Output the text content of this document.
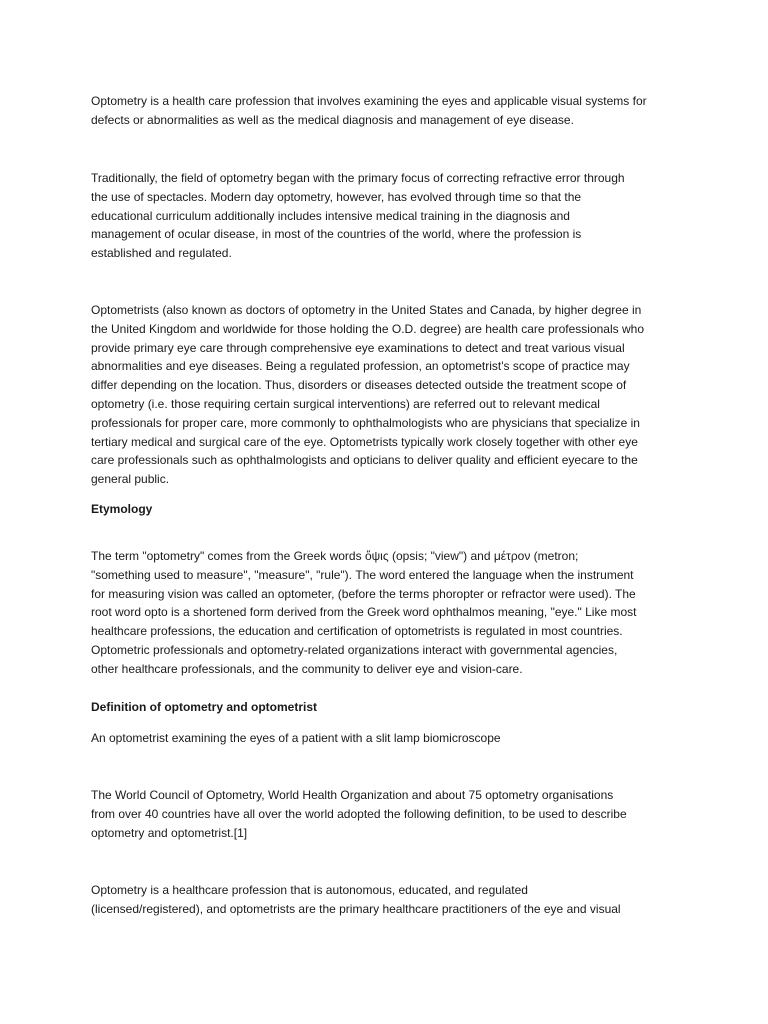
Optometry is a health care profession that involves examining the eyes and applicable visual systems for
defects or abnormalities as well as the medical diagnosis and management of eye disease.

Traditionally, the field of optometry began with the primary focus of correcting refractive error through
the use of spectacles. Modern day optometry, however, has evolved through time so that the
educational curriculum additionally includes intensive medical training in the diagnosis and
management of ocular disease, in most of the countries of the world, where the profession is
established and regulated.

Optometrists (also known as doctors of optometry in the United States and Canada, by higher degree in
the United Kingdom and worldwide for those holding the O.D. degree) are health care professionals who
provide primary eye care through comprehensive eye examinations to detect and treat various visual
abnormalities and eye diseases. Being a regulated profession, an optometrist's scope of practice may
differ depending on the location. Thus, disorders or diseases detected outside the treatment scope of
optometry (i.e. those requiring certain surgical interventions) are referred out to relevant medical
professionals for proper care, more commonly to ophthalmologists who are physicians that specialize in
tertiary medical and surgical care of the eye. Optometrists typically work closely together with other eye
care professionals such as ophthalmologists and opticians to deliver quality and efficient eyecare to the
general public.

Etymology

The term "optometry" comes from the Greek words ὄψις (opsis; "view") and μέτρον (metron;
"something used to measure", "measure", "rule"). The word entered the language when the instrument
for measuring vision was called an optometer, (before the terms phoropter or refractor were used). The
root word opto is a shortened form derived from the Greek word ophthalmos meaning, "eye." Like most
healthcare professions, the education and certification of optometrists is regulated in most countries.
Optometric professionals and optometry-related organizations interact with governmental agencies,
other healthcare professionals, and the community to deliver eye and vision-care.

Definition of optometry and optometrist

An optometrist examining the eyes of a patient with a slit lamp biomicroscope

The World Council of Optometry, World Health Organization and about 75 optometry organisations
from over 40 countries have all over the world adopted the following definition, to be used to describe
optometry and optometrist.[1]

Optometry is a healthcare profession that is autonomous, educated, and regulated
(licensed/registered), and optometrists are the primary healthcare practitioners of the eye and visual
